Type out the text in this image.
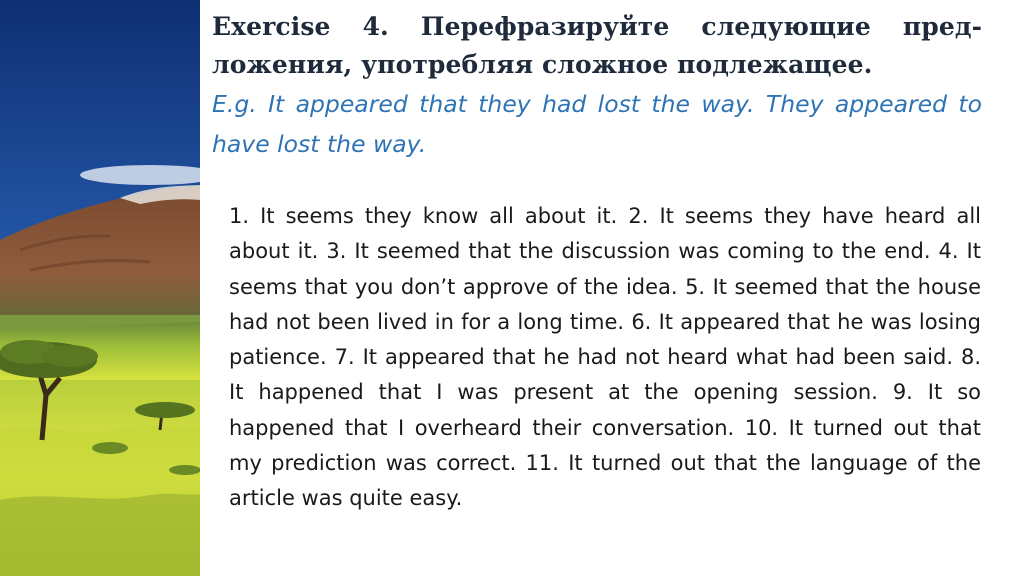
Exercise 4. Перефразируйте следующие предложения, употребляя сложное подлежащее.

E.g. It appeared that they had lost the way. They appeared to have lost the way.

1. It seems they know all about it. 2. It seems they have heard all about it. 3. It seemed that the discussion was coming to the end. 4. It seems that you don’t approve of the idea. 5. It seemed that the house had not been lived in for a long time. 6. It appeared that he was losing patience. 7. It appeared that he had not heard what had been said. 8. It happened that I was present at the opening session. 9. It so happened that I overheard their conversation. 10. It turned out that my prediction was correct. 11. It turned out that the language of the article was quite easy.
